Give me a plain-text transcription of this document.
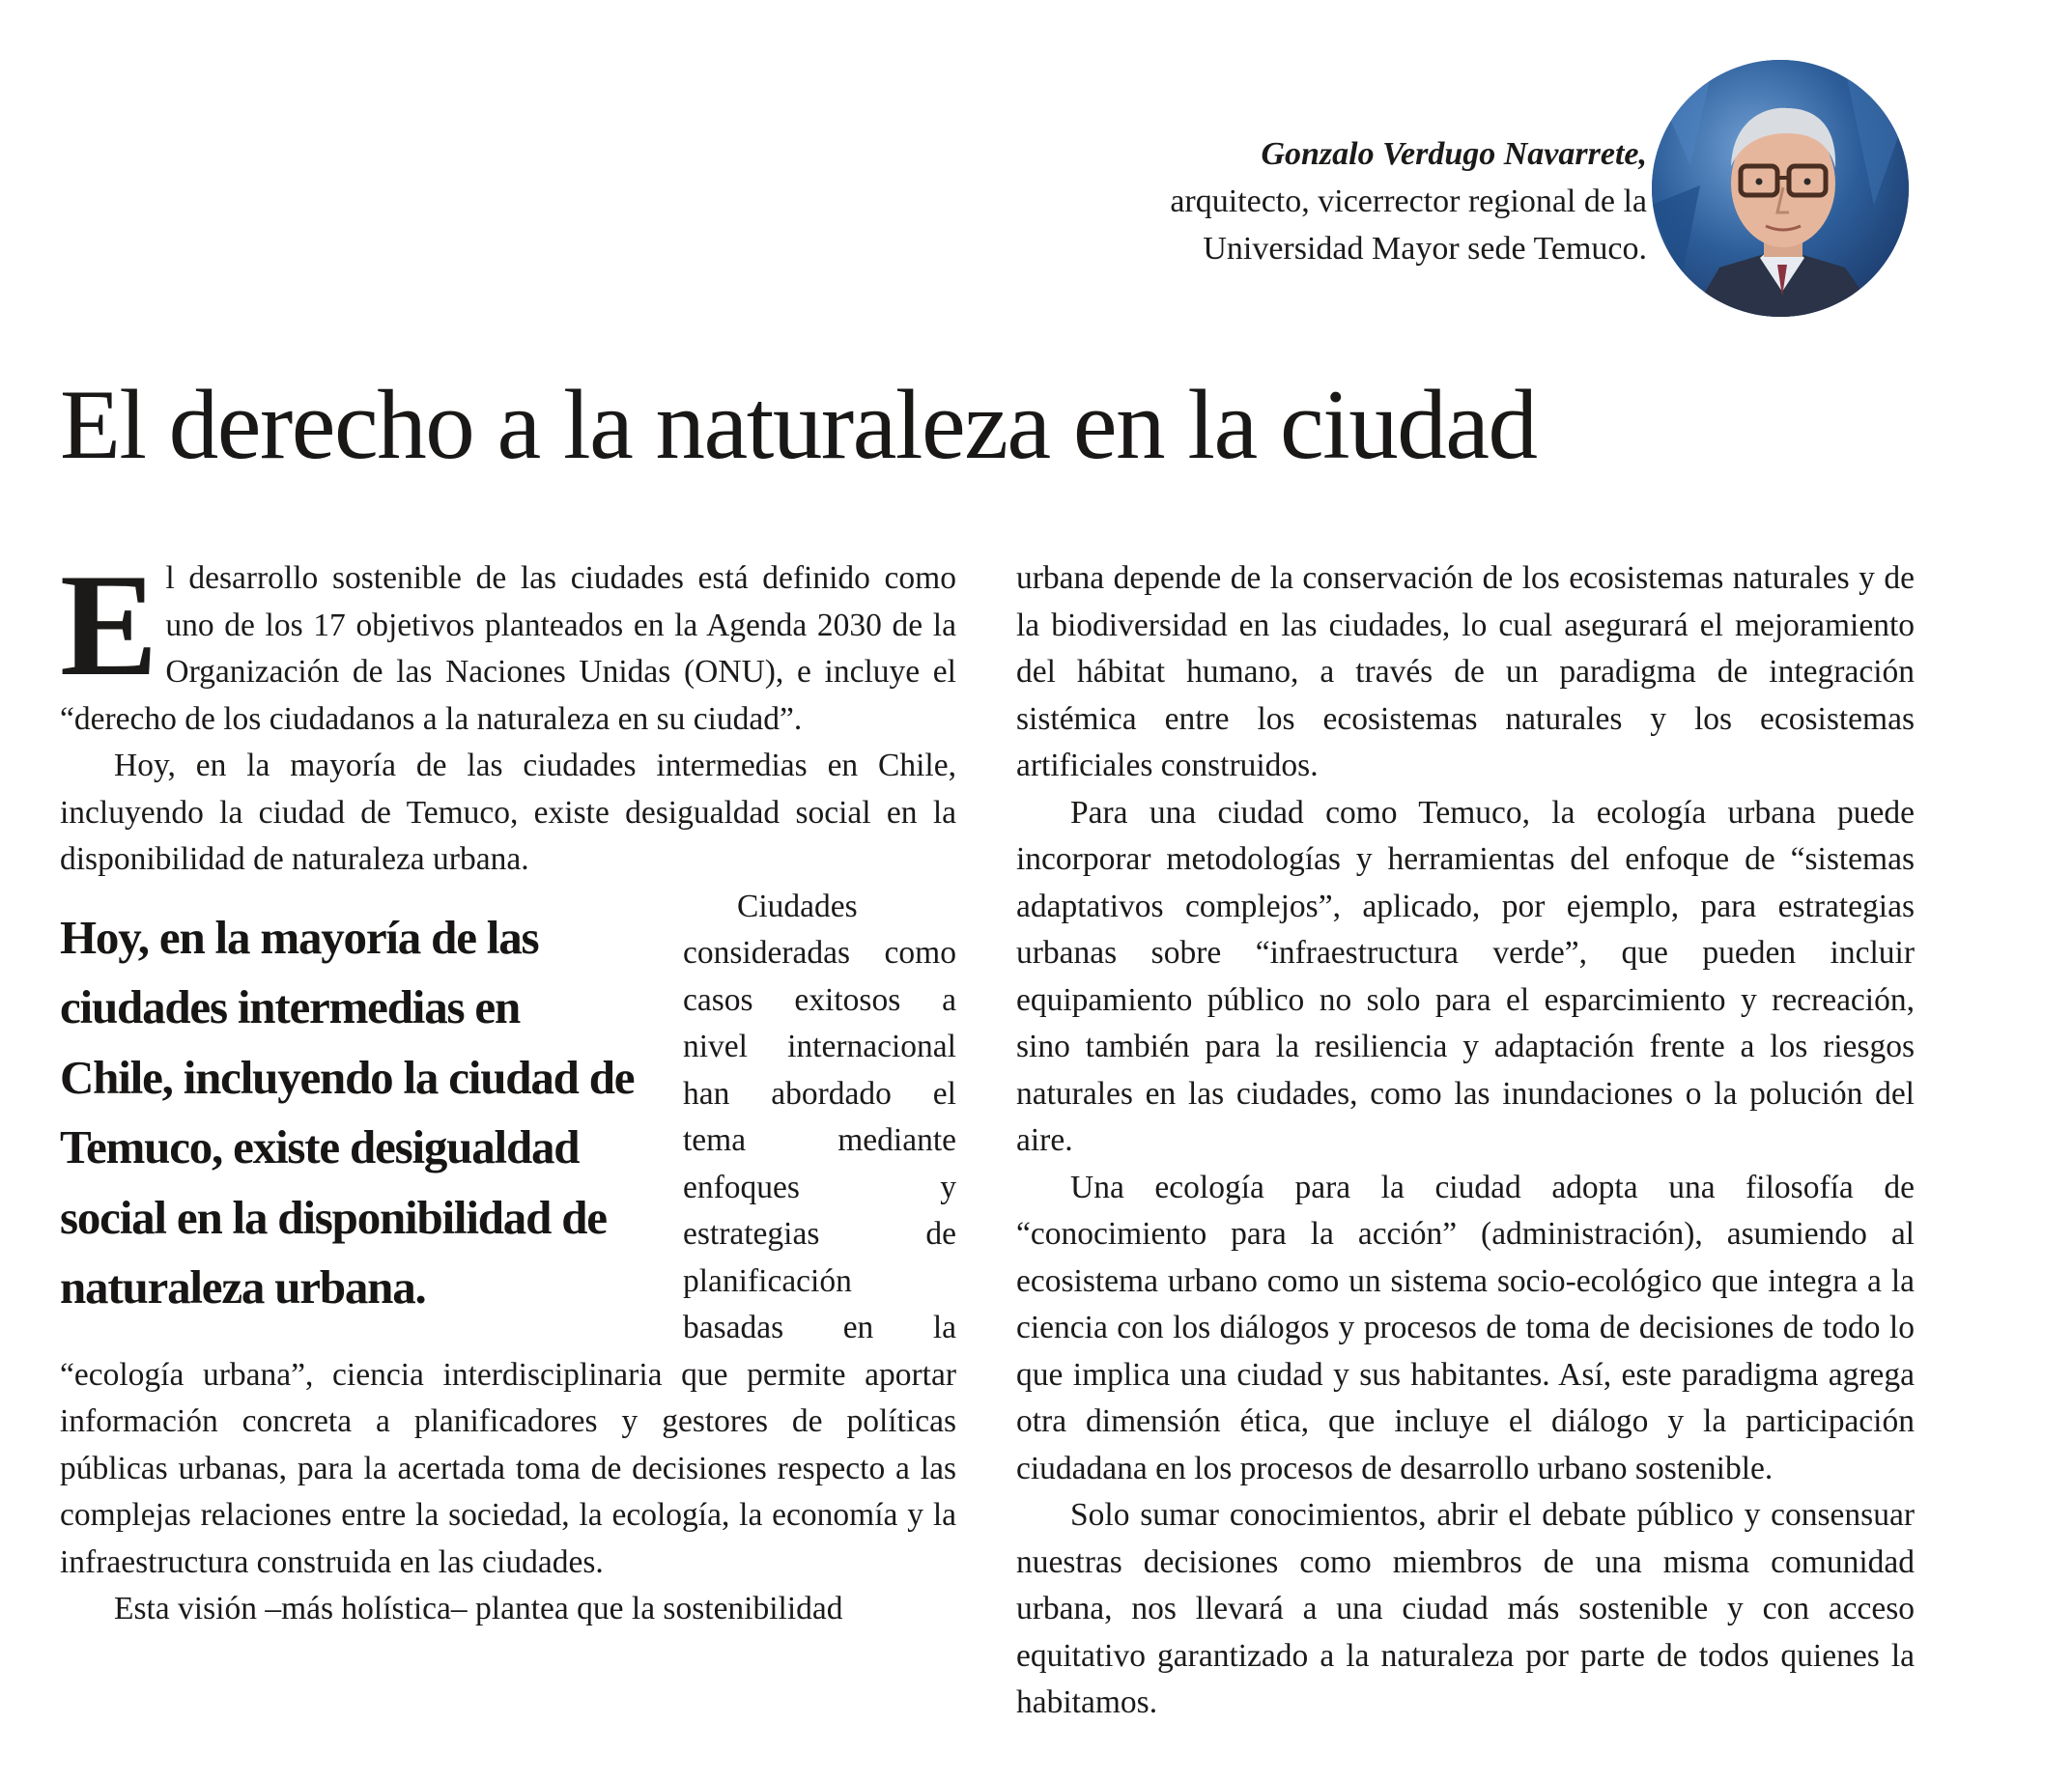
Gonzalo Verdugo Navarrete,
arquitecto, vicerrector regional de la
Universidad Mayor sede Temuco.
El derecho a la naturaleza en la ciudad

El desarrollo sostenible de las ciudades está definido como uno de los 17 objetivos planteados en la Agenda 2030 de la Organización de las Naciones Unidas (ONU), e incluye el “derecho de los ciudadanos a la naturaleza en su ciudad”.

Hoy, en la mayoría de las ciudades intermedias en Chile, incluyendo la ciudad de Temuco, existe desigualdad social en la disponibilidad de naturaleza urbana.

Hoy, en la mayoría de las ciudades intermedias en Chile, incluyendo la ciudad de Temuco, existe desigualdad social en la disponibilidad de naturaleza urbana.

Ciudades consideradas como casos exitosos a nivel internacional han abordado el tema mediante enfoques y estrategias de planificación basadas en la “ecología urbana”, ciencia interdisciplinaria que permite aportar información concreta a planificadores y gestores de políticas públicas urbanas, para la acertada toma de decisiones respecto a las complejas relaciones entre la sociedad, la ecología, la economía y la infraestructura construida en las ciudades.

Esta visión –más holística– plantea que la sostenibilidad

urbana depende de la conservación de los ecosistemas naturales y de la biodiversidad en las ciudades, lo cual asegurará el mejoramiento del hábitat humano, a través de un paradigma de integración sistémica entre los ecosistemas naturales y los ecosistemas artificiales construidos.

Para una ciudad como Temuco, la ecología urbana puede incorporar metodologías y herramientas del enfoque de “sistemas adaptativos complejos”, aplicado, por ejemplo, para estrategias urbanas sobre “infraestructura verde”, que pueden incluir equipamiento público no solo para el esparcimiento y recreación, sino también para la resiliencia y adaptación frente a los riesgos naturales en las ciudades, como las inundaciones o la polución del aire.

Una ecología para la ciudad adopta una filosofía de “conocimiento para la acción” (administración), asumiendo al ecosistema urbano como un sistema socio-ecológico que integra a la ciencia con los diálogos y procesos de toma de decisiones de todo lo que implica una ciudad y sus habitantes. Así, este paradigma agrega otra dimensión ética, que incluye el diálogo y la participación ciudadana en los procesos de desarrollo urbano sostenible.

Solo sumar conocimientos, abrir el debate público y consensuar nuestras decisiones como miembros de una misma comunidad urbana, nos llevará a una ciudad más sostenible y con acceso equitativo garantizado a la naturaleza por parte de todos quienes la habitamos.
